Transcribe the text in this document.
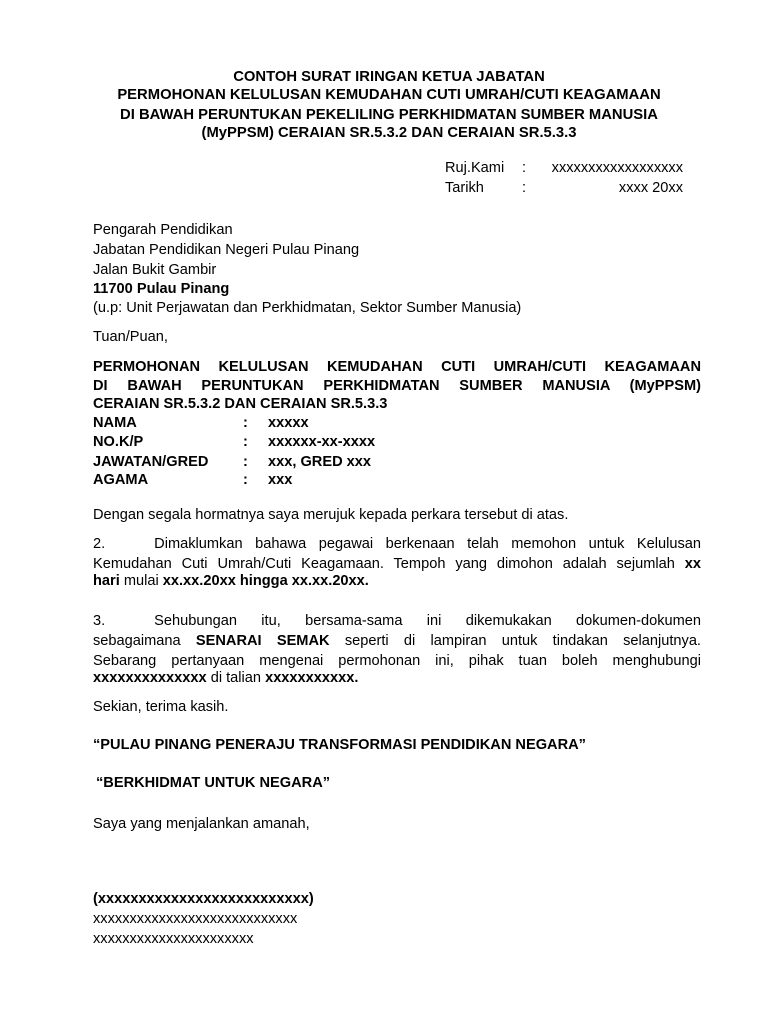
CONTOH SURAT IRINGAN KETUA JABATAN
PERMOHONAN KELULUSAN KEMUDAHAN CUTI UMRAH/CUTI KEAGAMAAN
DI BAWAH PERUNTUKAN PEKELILING PERKHIDMATAN SUMBER MANUSIA
(MyPPSM) CERAIAN SR.5.3.2 DAN CERAIAN SR.5.3.3
Ruj.Kami : xxxxxxxxxxxxxxxxxx
Tarikh	:	xxxx 20xx
Pengarah Pendidikan
Jabatan Pendidikan Negeri Pulau Pinang
Jalan Bukit Gambir
11700 Pulau Pinang
(u.p: Unit Perjawatan dan Perkhidmatan, Sektor Sumber Manusia)
Tuan/Puan,
PERMOHONAN KELULUSAN KEMUDAHAN CUTI UMRAH/CUTI KEAGAMAAN
DI BAWAH PERUNTUKAN PERKHIDMATAN SUMBER MANUSIA (MyPPSM)
CERAIAN SR.5.3.2 DAN CERAIAN SR.5.3.3
NAMA	: xxxxx
NO.K/P	: xxxxxx-xx-xxxx
JAWATAN/GRED : xxx, GRED xxx
AGAMA	: xxx
Dengan segala hormatnya saya merujuk kepada perkara tersebut di atas.
2.	Dimaklumkan bahawa pegawai berkenaan telah memohon untuk Kelulusan
Kemudahan Cuti Umrah/Cuti Keagamaan. Tempoh yang dimohon adalah sejumlah xx
hari mulai xx.xx.20xx hingga xx.xx.20xx.
3.	Sehubungan itu, bersama-sama ini dikemukakan dokumen-dokumen
sebagaimana SENARAI SEMAK seperti di lampiran untuk tindakan selanjutnya.
Sebarang pertanyaan mengenai permohonan ini, pihak tuan boleh menghubungi
xxxxxxxxxxxxxx di talian xxxxxxxxxxx.
Sekian, terima kasih.
“PULAU PINANG PENERAJU TRANSFORMASI PENDIDIKAN NEGARA”
“BERKHIDMAT UNTUK NEGARA”
Saya yang menjalankan amanah,
(xxxxxxxxxxxxxxxxxxxxxxxxxx)
xxxxxxxxxxxxxxxxxxxxxxxxxxxx
xxxxxxxxxxxxxxxxxxxxxx
